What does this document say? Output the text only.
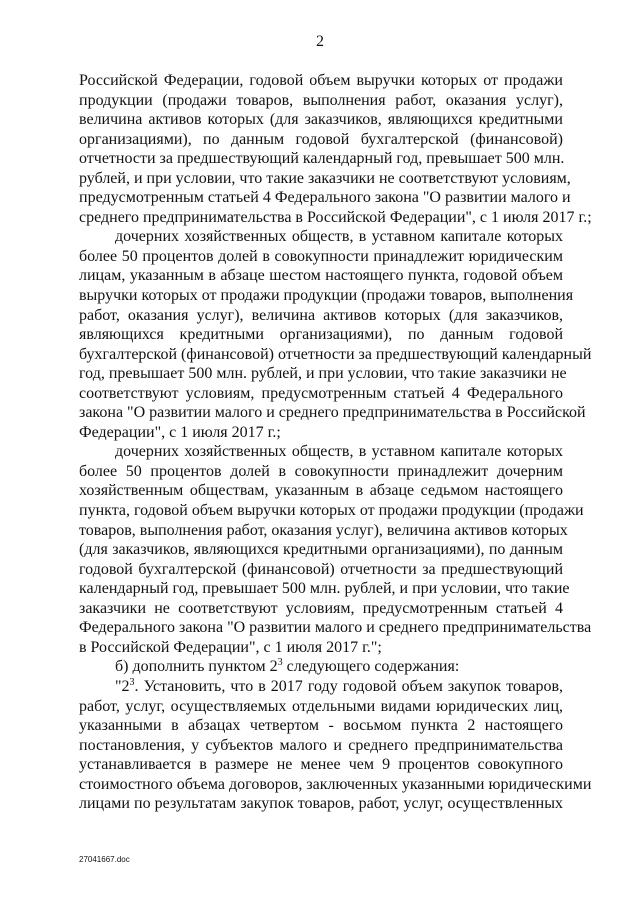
2

Российской Федерации, годовой объем выручки которых от продажи
продукции (продажи товаров, выполнения работ, оказания услуг),
величина активов которых (для заказчиков, являющихся кредитными
организациями), по данным годовой бухгалтерской (финансовой)
отчетности за предшествующий календарный год, превышает 500 млн.
рублей, и при условии, что такие заказчики не соответствуют условиям,
предусмотренным статьей 4 Федерального закона "О развитии малого и
среднего предпринимательства в Российской Федерации", с 1 июля 2017 г.;

дочерних хозяйственных обществ, в уставном капитале которых
более 50 процентов долей в совокупности принадлежит юридическим
лицам, указанным в абзаце шестом настоящего пункта, годовой объем
выручки которых от продажи продукции (продажи товаров, выполнения
работ, оказания услуг), величина активов которых (для заказчиков,
являющихся кредитными организациями), по данным годовой
бухгалтерской (финансовой) отчетности за предшествующий календарный
год, превышает 500 млн. рублей, и при условии, что такие заказчики не
соответствуют условиям, предусмотренным статьей 4 Федерального
закона "О развитии малого и среднего предпринимательства в Российской
Федерации", с 1 июля 2017 г.;

дочерних хозяйственных обществ, в уставном капитале которых
более 50 процентов долей в совокупности принадлежит дочерним
хозяйственным обществам, указанным в абзаце седьмом настоящего
пункта, годовой объем выручки которых от продажи продукции (продажи
товаров, выполнения работ, оказания услуг), величина активов которых
(для заказчиков, являющихся кредитными организациями), по данным
годовой бухгалтерской (финансовой) отчетности за предшествующий
календарный год, превышает 500 млн. рублей, и при условии, что такие
заказчики не соответствуют условиям, предусмотренным статьей 4
Федерального закона "О развитии малого и среднего предпринимательства
в Российской Федерации", с 1 июля 2017 г.";

б) дополнить пунктом $2^3$ следующего содержания:

"$2^3$. Установить, что в 2017 году годовой объем закупок товаров,
работ, услуг, осуществляемых отдельными видами юридических лиц,
указанными в абзацах четвертом - восьмом пункта 2 настоящего
постановления, у субъектов малого и среднего предпринимательства
устанавливается в размере не менее чем 9 процентов совокупного
стоимостного объема договоров, заключенных указанными юридическими
лицами по результатам закупок товаров, работ, услуг, осуществленных

27041667.doc
